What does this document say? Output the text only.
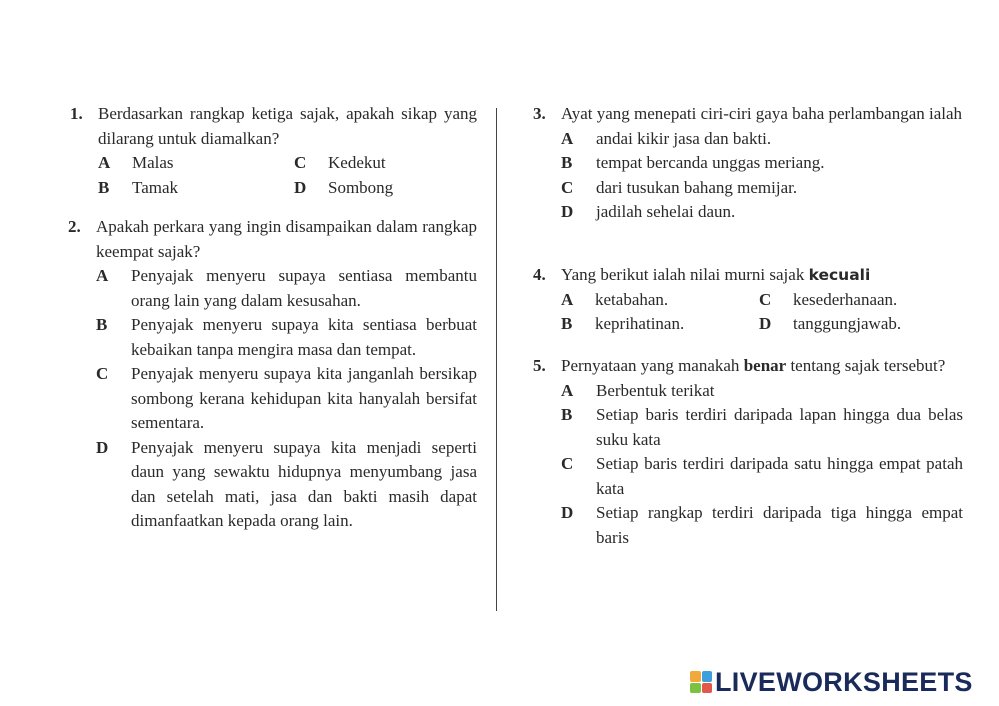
1. Berdasarkan rangkap ketiga sajak, apakah sikap yang dilarang untuk diamalkan?
A	Malas	C	Kedekut
B	Tamak	D	Sombong
2. Apakah perkara yang ingin disampaikan dalam rangkap keempat sajak?
A	Penyajak menyeru supaya sentiasa membantu orang lain yang dalam kesusahan.
B	Penyajak menyeru supaya kita sentiasa berbuat kebaikan tanpa mengira masa dan tempat.
C	Penyajak menyeru supaya kita janganlah bersikap sombong kerana kehidupan kita hanyalah bersifat sementara.
D	Penyajak menyeru supaya kita menjadi seperti daun yang sewaktu hidupnya menyumbang jasa dan setelah mati, jasa dan bakti masih dapat dimanfaatkan kepada orang lain.
3. Ayat yang menepati ciri-ciri gaya baha perlambangan ialah
A	andai kikir jasa dan bakti.
B	tempat bercanda unggas meriang.
C	dari tusukan bahang memijar.
D	jadilah sehelai daun.
4. Yang berikut ialah nilai murni sajak kecuali
A	ketabahan.	C	kesederhanaan.
B	keprihatinan.	D	tanggungjawab.
5. Pernyataan yang manakah benar tentang sajak tersebut?
A	Berbentuk terikat
B	Setiap baris terdiri daripada lapan hingga dua belas suku kata
C	Setiap baris terdiri daripada satu hingga empat patah kata
D	Setiap rangkap terdiri daripada tiga hingga empat baris
LIVEWORKSHEETS
